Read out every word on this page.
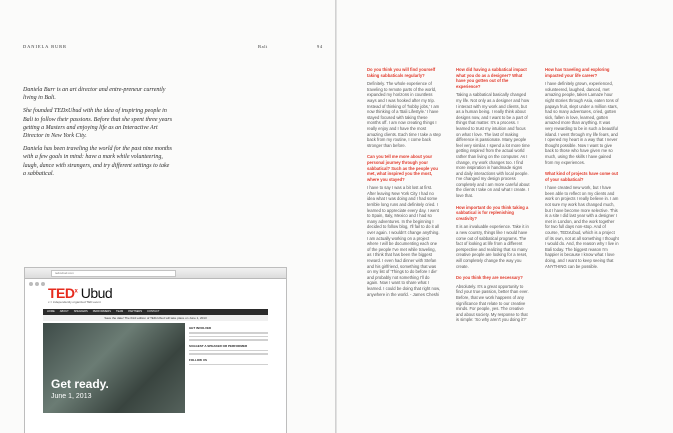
DANIELA BURR	Bali	94

Daniela Burr is an art director and entre-preneur currently living in Bali.

She founded TEDxUbud with the idea of inspiring people in Bali to follow their passions. Before that she spent three years getting a Masters and enjoying life as an Interactive Art Director in New York City.

Daniela has been traveling the world for the past nine months with a few goals in mind: have a mark while volunteering, laugh, dance with strangers, and try different settings to take a sabbatical.

tedxubud.com
TED$^x$ Ubud
x = independently organized TED event
HOME ABOUT SPEAKERS PERFORMERS TEAM PARTNERS CONTACT
Save the date! The third edition of TEDxUbud will take place on June 1, 2013
Get ready.
June 1, 2013
GET INVOLVED
SUGGEST A SPEAKER OR PERFORMER
FOLLOW US

Do you think you will find yourself taking sabbaticals regularly?
Definitely. The whole experience of traveling to remote parts of the world, expanded my horizons in countless ways and I was hooked after my trip. Instead of thinking of 'hobby jobs,' I am now thinking of a 'Bali Lifestyle.' I have stayed focused with taking these months off. I am now creating things I really enjoy and I have the most amazing clients. Each time I take a step back from my routine, I come back stronger than before.

Can you tell me more about your personal journey through your sabbatical? Such as the people you met, what inspired you the most, where you stayed?
I have to say I was a bit lost at first. After leaving New York City I had no idea what I was doing and I had some terrible long runs and definitely cried. I learned to appreciate every day. I went to Spain, Italy, Mexico and I had so many adventures. In the beginning I decided to follow blog, I'll fail to do it all over again. I wouldn't change anything. I am actually working on a project where I will be documenting each one of the people I've met while traveling, as I think that has been the biggest reward. I even had dinner with Stefan and his girlfriend, something that was on my list of 'Things to do before I die' and probably not something I'll do again. Now I want to share what I learned. I could be doing that right now, anywhere in the world. - James Cheshi

How did having a sabbatical impact what you do as a designer? What have you gotten out of the experience?
Taking a sabbatical basically changed my life. Not only as a designer and how I interact with my work and clients, but as a human being. I really think about designs now, and I want to be a part of things that matter. It's a process. I learned to trust my intuition and focus on what I love. The last of making difference is passionate. Many people feel very similar. I spend a lot more time getting inspired from the actual world rather than living on the computer. As I change, my work changes too. I find more inspiration in handmade signs and daily interactions with local people. I've changed my design process completely and I am more careful about the clients I take on and what I create. I love that.

How important do you think taking a sabbatical is for replenishing creativity?
It is an invaluable experience. Take it in a new country, things like I would have come out of sabbatical programs. The fact of looking at life from a different perspective and realizing that so many creative people are looking for a reset, will completely change the way you create.

Do you think they are necessary?
Absolutely. It's a great opportunity to find your true passion, better than ever. Before, that we work happens of any significance that relate to our creative minds. For people, yes. The creative and about society. My response to that is simple: 'So why aren't you doing it?'

How has traveling and exploring impacted your life career?
I have definitely grown, experienced, volunteered, laughed, danced, met amazing people, taken Lamaze hour night stories through Asia, eaten tons of papaya fruit, slept under a million stars, had so many adventures, cried, gotten sick, fallen in love, learned, gotten amazed more than anything. It was very rewarding to be in such a beautiful island. I went through my life fears, and I opened my heart in a way that I never thought possible. Now I want to give back to those who have given me so much, using the skills I have gained from my experiences.

What kind of projects have come out of your sabbatical?
I have created new work, but I have been able to reflect on my clients and work on projects I really believe in. I am not sure my work has changed much, but I have become more selective. This is a site I did last year with a designer I met in London, and the work together for two full days non-stop. And of course, TEDxUbud, which is a project of its own, not at all something I thought I would do. And, the reason why I live in Bali today. The biggest reason I'm happier is because I know what I love doing, and I want to keep seeing that ANYTHING can be possible.
